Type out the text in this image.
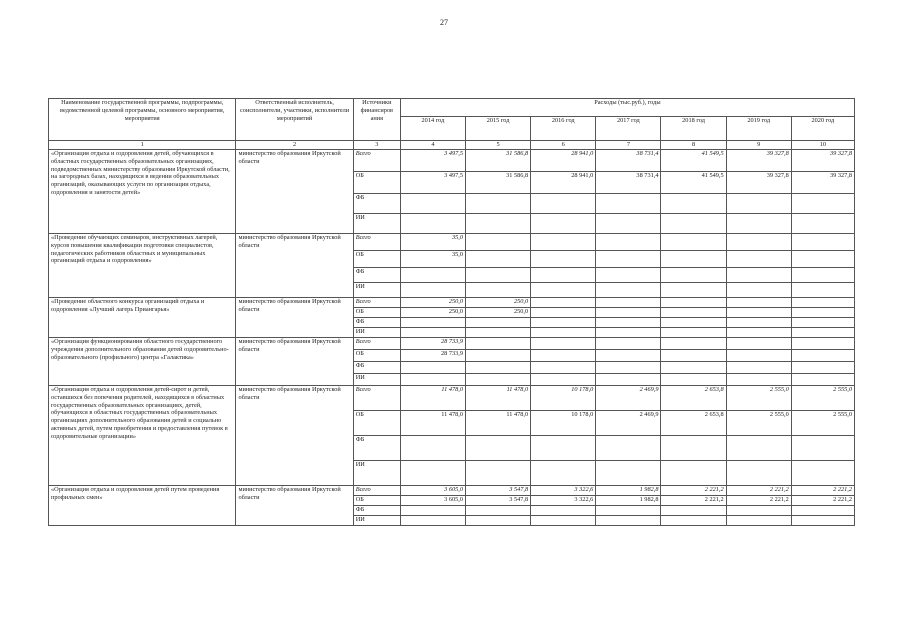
27
Наименование государственной программы, подпрограммы, ведомственной целевой программы, основного мероприятия, мероприятия	Ответственный исполнитель, соисполнители, участники, исполнители мероприятий	Источники финансиров ания	Расходы (тыс.руб.), годы						
			2014 год	2015 год	2016 год	2017 год	2018 год	2019 год	2020 год
1	2	3	4	5	6	7	8	9	10
«Организация отдыха и оздоровления детей, обучающихся в областных государственных образовательных организациях, подведомственных министерству образования Иркутской области, на загородных базах, находящихся в ведении образовательных организаций, оказывающих услуги по организации отдыха, оздоровления и занятости детей»	министерство образования Иркутской области	Всего	3 497,5	31 586,8	28 941,0	38 731,4	41 549,5	39 327,8	39 327,8
		ОБ	3 497,5	31 586,8	28 941,0	38 731,4	41 549,5	39 327,8	39 327,8
		ФБ							
		ИИ							
«Проведение обучающих семинаров, инструктивных лагерей, курсов повышения квалификации подготовки специалистов, педагогических работников областных и муниципальных организаций отдыха и оздоровления»	министерство образования Иркутской области	Всего	35,0						
		ОБ	35,0						
		ФБ							
		ИИ							
«Проведение областного конкурса организаций отдыха и оздоровления «Лучший лагерь Приангарья»	министерство образования Иркутской области	Всего	250,0	250,0					
		ОБ	250,0	250,0					
		ФБ							
		ИИ							
«Организация функционирования областного государственного учреждения дополнительного образования детей оздоровительно-образовательного (профильного) центра «Галактика»	министерство образования Иркутской области	Всего	28 733,9						
		ОБ	28 733,9						
		ФБ							
		ИИ							
«Организация отдыха и оздоровления детей-сирот и детей, оставшихся без попечения родителей, находящихся в областных государственных образовательных организациях, детей, обучающихся в областных государственных образовательных организациях дополнительного образования детей и социально активных детей, путем приобретения и предоставления путевок в оздоровительные организации»	министерство образования Иркутской области	Всего	11 478,0	11 478,0	10 178,0	2 469,9	2 653,8	2 555,0	2 555,0
		ОБ	11 478,0	11 478,0	10 178,0	2 469,9	2 653,8	2 555,0	2 555,0
		ФБ							
		ИИ							
«Организация отдыха и оздоровления детей путем проведения профильных смен»	министерство образования Иркутской области	Всего	3 605,0	3 547,8	3 322,6	1 982,8	2 221,2	2 221,2	2 221,2
		ОБ	3 605,0	3 547,8	3 322,6	1 982,8	2 221,2	2 221,2	2 221,2
		ФБ							
		ИИ							
